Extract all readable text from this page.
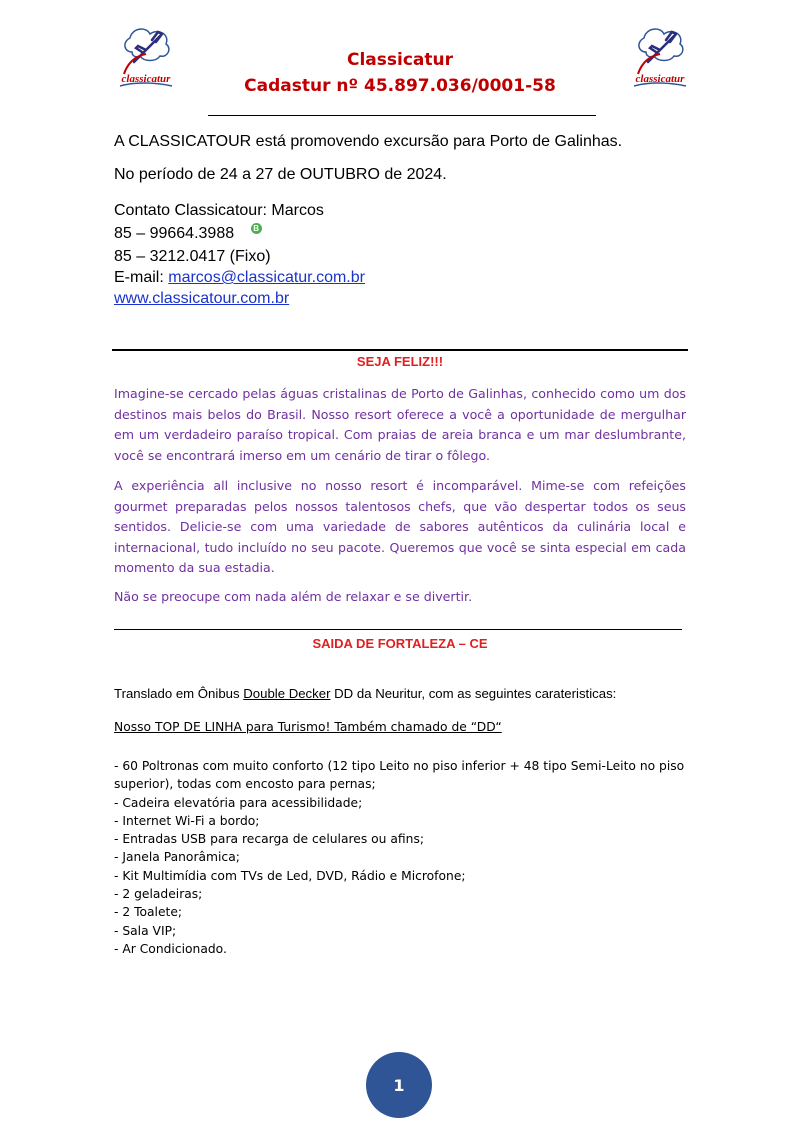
classicatur	classicatur
Classicatur
Cadastur nº 45.897.036/0001-58
A CLASSICATOUR está promovendo excursão para Porto de Galinhas.
No período de 24 a 27 de OUTUBRO de 2024.
Contato Classicatour: Marcos
85 – 99664.3988 B
85 – 3212.0417 (Fixo)
E-mail: marcos@classicatur.com.br
www.classicatour.com.br
SEJA FELIZ!!!

Imagine-se cercado pelas águas cristalinas de Porto de Galinhas, conhecido como um dos destinos mais belos do Brasil. Nosso resort oferece a você a oportunidade de mergulhar em um verdadeiro paraíso tropical. Com praias de areia branca e um mar deslumbrante, você se encontrará imerso em um cenário de tirar o fôlego.

A experiência all inclusive no nosso resort é incomparável. Mime-se com refeições gourmet preparadas pelos nossos talentosos chefs, que vão despertar todos os seus sentidos. Delicie-se com uma variedade de sabores autênticos da culinária local e internacional, tudo incluído no seu pacote. Queremos que você se sinta especial em cada momento da sua estadia.

Não se preocupe com nada além de relaxar e se divertir.

SAIDA DE FORTALEZA – CE
Translado em Ônibus Double Decker DD da Neuritur, com as seguintes carateristicas:
Nosso TOP DE LINHA para Turismo! Também chamado de “DD“
- 60 Poltronas com muito conforto (12 tipo Leito no piso inferior + 48 tipo Semi-Leito no piso superior), todas com encosto para pernas;
- Cadeira elevatória para acessibilidade;
- Internet Wi-Fi a bordo;
- Entradas USB para recarga de celulares ou afins;
- Janela Panorâmica;
- Kit Multimídia com TVs de Led, DVD, Rádio e Microfone;
- 2 geladeiras;
- 2 Toalete;
- Sala VIP;
- Ar Condicionado.
1
